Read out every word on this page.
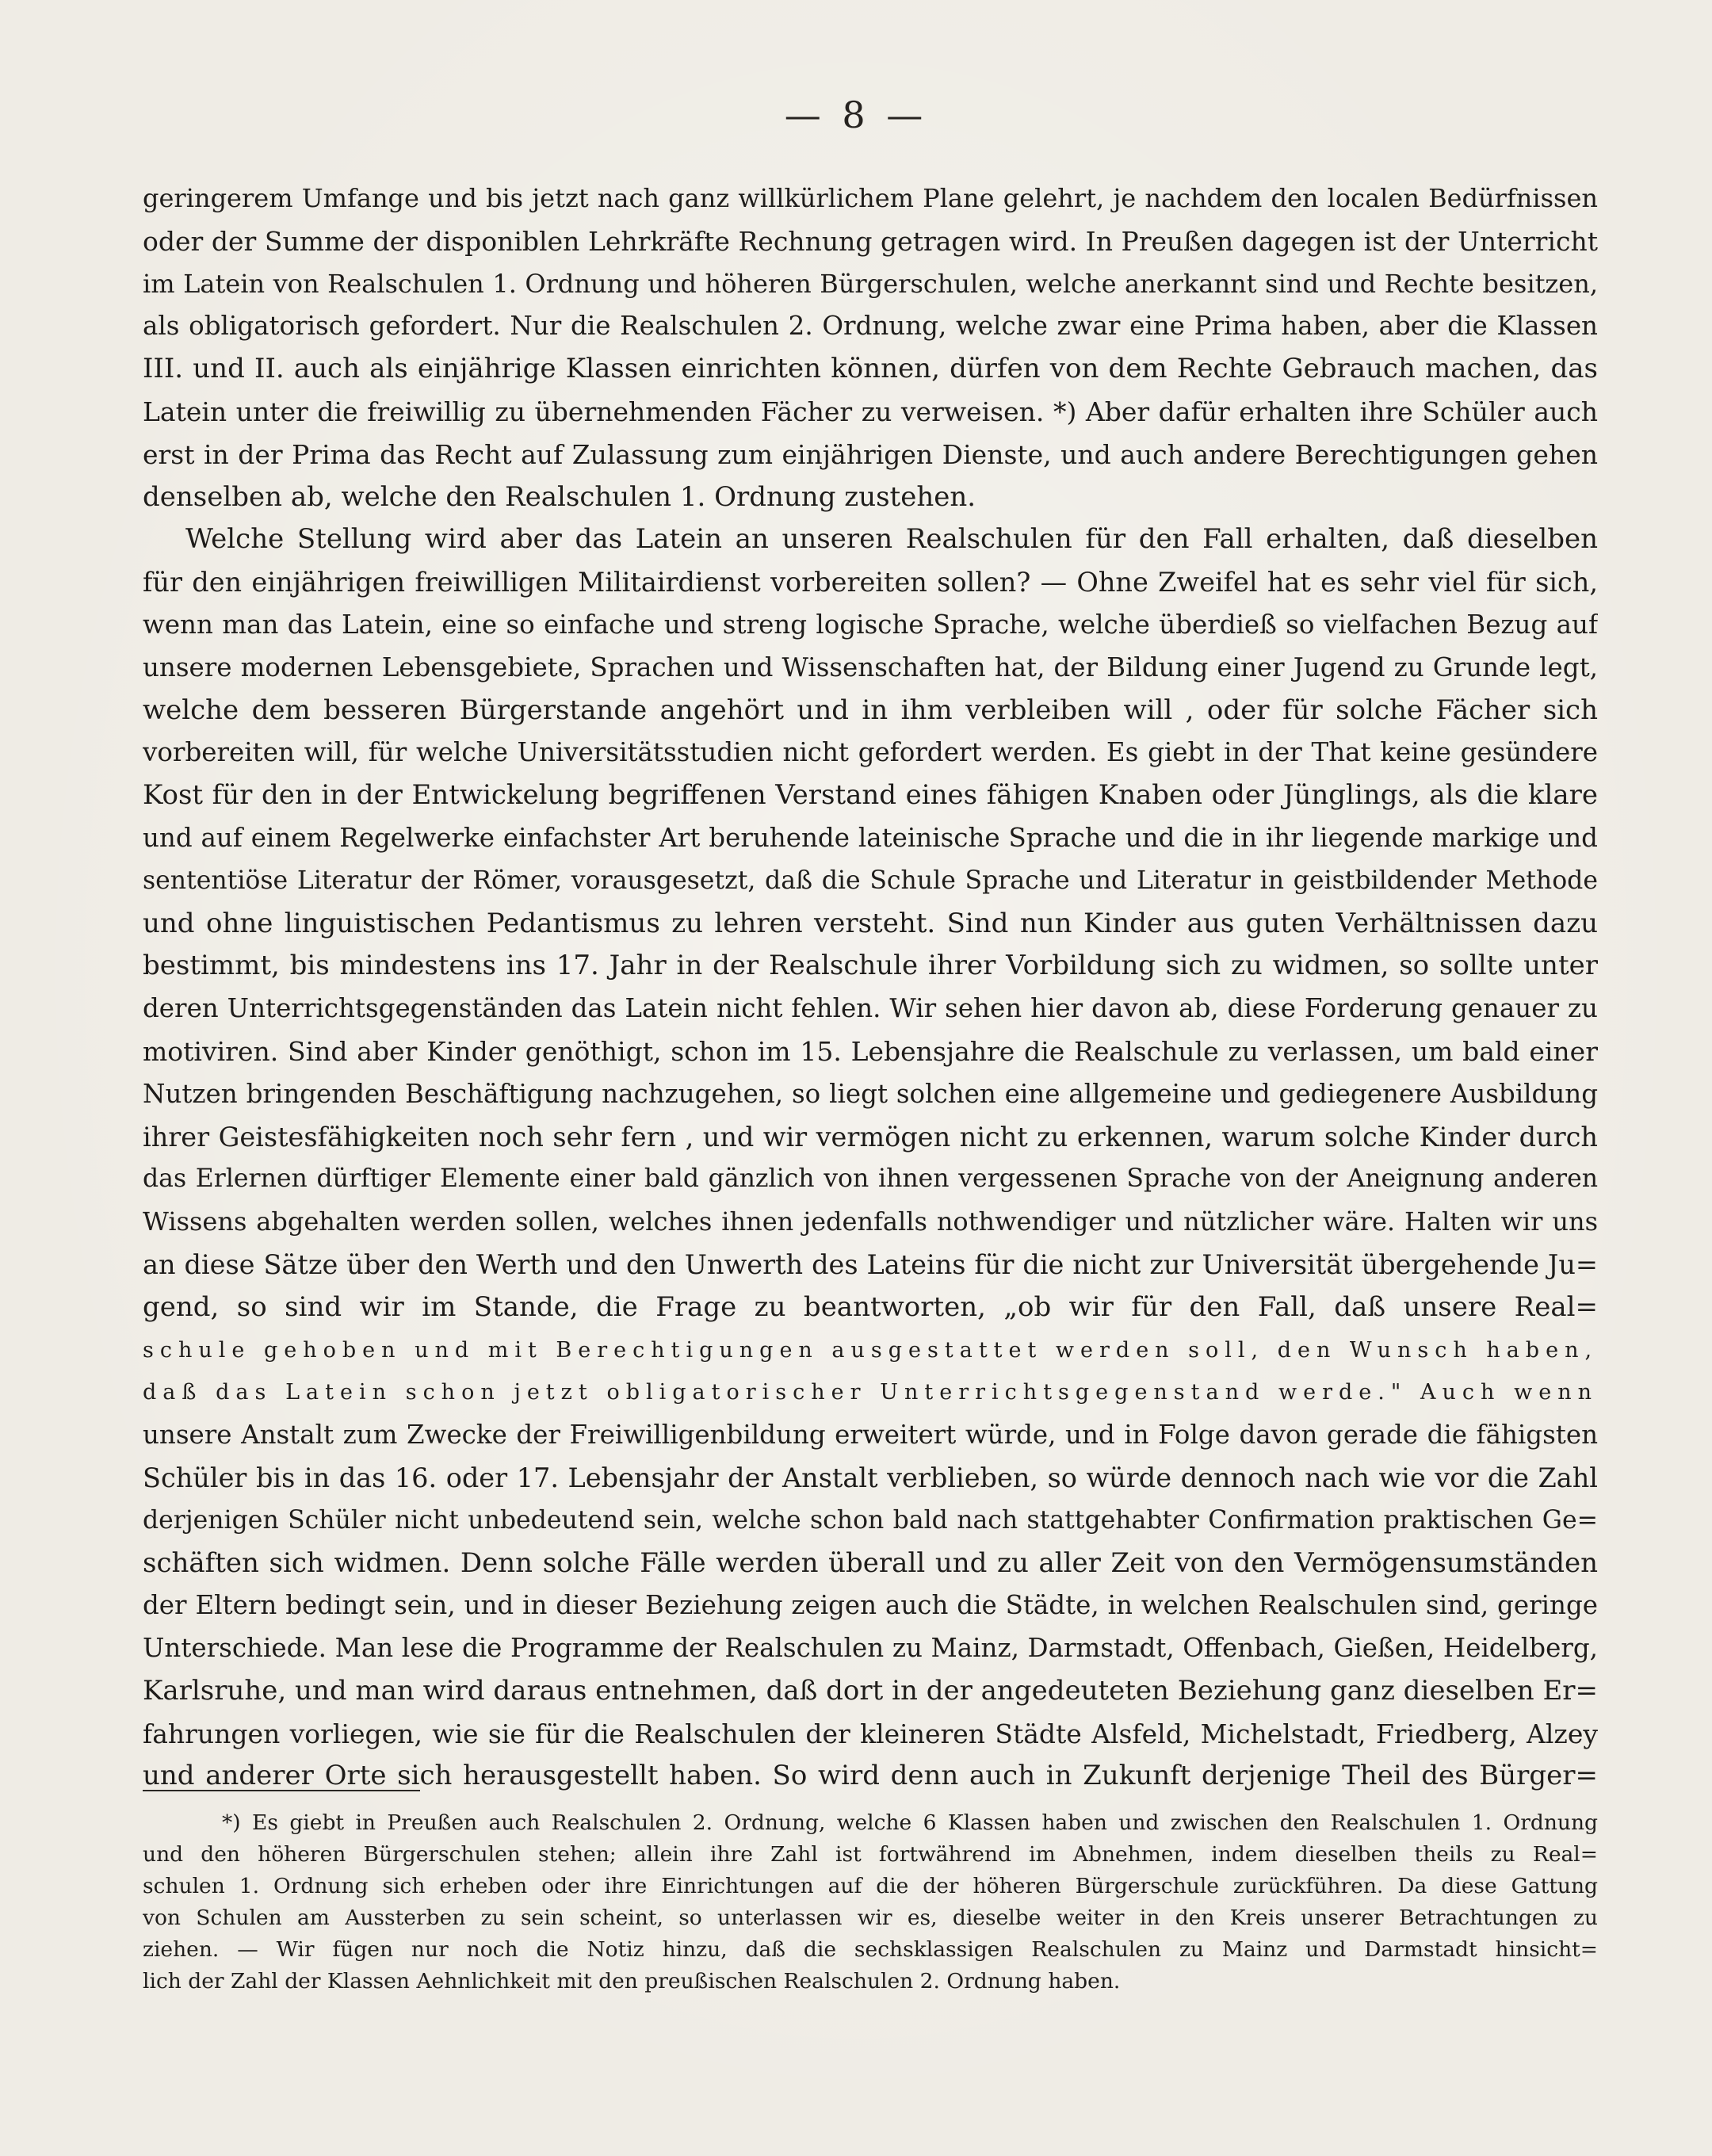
— 8 —
geringerem Umfange und bis jetzt nach ganz willkürlichem Plane gelehrt, je nachdem den localen Bedürfnissen
oder der Summe der disponiblen Lehrkräfte Rechnung getragen wird. In Preußen dagegen ist der Unterricht
im Latein von Realschulen 1. Ordnung und höheren Bürgerschulen, welche anerkannt sind und Rechte besitzen,
als obligatorisch gefordert. Nur die Realschulen 2. Ordnung, welche zwar eine Prima haben, aber die Klassen
III. und II. auch als einjährige Klassen einrichten können, dürfen von dem Rechte Gebrauch machen, das
Latein unter die freiwillig zu übernehmenden Fächer zu verweisen. *) Aber dafür erhalten ihre Schüler auch
erst in der Prima das Recht auf Zulassung zum einjährigen Dienste, und auch andere Berechtigungen gehen
denselben ab, welche den Realschulen 1. Ordnung zustehen.
Welche Stellung wird aber das Latein an unseren Realschulen für den Fall erhalten, daß dieselben
für den einjährigen freiwilligen Militairdienst vorbereiten sollen? — Ohne Zweifel hat es sehr viel für sich,
wenn man das Latein, eine so einfache und streng logische Sprache, welche überdieß so vielfachen Bezug auf
unsere modernen Lebensgebiete, Sprachen und Wissenschaften hat, der Bildung einer Jugend zu Grunde legt,
welche dem besseren Bürgerstande angehört und in ihm verbleiben will , oder für solche Fächer sich
vorbereiten will, für welche Universitätsstudien nicht gefordert werden. Es giebt in der That keine gesündere
Kost für den in der Entwickelung begriffenen Verstand eines fähigen Knaben oder Jünglings, als die klare
und auf einem Regelwerke einfachster Art beruhende lateinische Sprache und die in ihr liegende markige und
sententiöse Literatur der Römer, vorausgesetzt, daß die Schule Sprache und Literatur in geistbildender Methode
und ohne linguistischen Pedantismus zu lehren versteht. Sind nun Kinder aus guten Verhältnissen dazu
bestimmt, bis mindestens ins 17. Jahr in der Realschule ihrer Vorbildung sich zu widmen, so sollte unter
deren Unterrichtsgegenständen das Latein nicht fehlen. Wir sehen hier davon ab, diese Forderung genauer zu
motiviren. Sind aber Kinder genöthigt, schon im 15. Lebensjahre die Realschule zu verlassen, um bald einer
Nutzen bringenden Beschäftigung nachzugehen, so liegt solchen eine allgemeine und gediegenere Ausbildung
ihrer Geistesfähigkeiten noch sehr fern , und wir vermögen nicht zu erkennen, warum solche Kinder durch
das Erlernen dürftiger Elemente einer bald gänzlich von ihnen vergessenen Sprache von der Aneignung anderen
Wissens abgehalten werden sollen, welches ihnen jedenfalls nothwendiger und nützlicher wäre. Halten wir uns
an diese Sätze über den Werth und den Unwerth des Lateins für die nicht zur Universität übergehende Ju=
gend, so sind wir im Stande, die Frage zu beantworten, „ob wir für den Fall, daß unsere Real=
schule gehoben und mit Berechtigungen ausgestattet werden soll, den Wunsch haben,
daß das Latein schon jetzt obligatorischer Unterrichtsgegenstand werde." Auch wenn
unsere Anstalt zum Zwecke der Freiwilligenbildung erweitert würde, und in Folge davon gerade die fähigsten
Schüler bis in das 16. oder 17. Lebensjahr der Anstalt verblieben, so würde dennoch nach wie vor die Zahl
derjenigen Schüler nicht unbedeutend sein, welche schon bald nach stattgehabter Confirmation praktischen Ge=
schäften sich widmen. Denn solche Fälle werden überall und zu aller Zeit von den Vermögensumständen
der Eltern bedingt sein, und in dieser Beziehung zeigen auch die Städte, in welchen Realschulen sind, geringe
Unterschiede. Man lese die Programme der Realschulen zu Mainz, Darmstadt, Offenbach, Gießen, Heidelberg,
Karlsruhe, und man wird daraus entnehmen, daß dort in der angedeuteten Beziehung ganz dieselben Er=
fahrungen vorliegen, wie sie für die Realschulen der kleineren Städte Alsfeld, Michelstadt, Friedberg, Alzey
und anderer Orte sich herausgestellt haben. So wird denn auch in Zukunft derjenige Theil des Bürger=
*) Es giebt in Preußen auch Realschulen 2. Ordnung, welche 6 Klassen haben und zwischen den Realschulen 1. Ordnung
und den höheren Bürgerschulen stehen; allein ihre Zahl ist fortwährend im Abnehmen, indem dieselben theils zu Real=
schulen 1. Ordnung sich erheben oder ihre Einrichtungen auf die der höheren Bürgerschule zurückführen. Da diese Gattung
von Schulen am Aussterben zu sein scheint, so unterlassen wir es, dieselbe weiter in den Kreis unserer Betrachtungen zu
ziehen. — Wir fügen nur noch die Notiz hinzu, daß die sechsklassigen Realschulen zu Mainz und Darmstadt hinsicht=
lich der Zahl der Klassen Aehnlichkeit mit den preußischen Realschulen 2. Ordnung haben.
